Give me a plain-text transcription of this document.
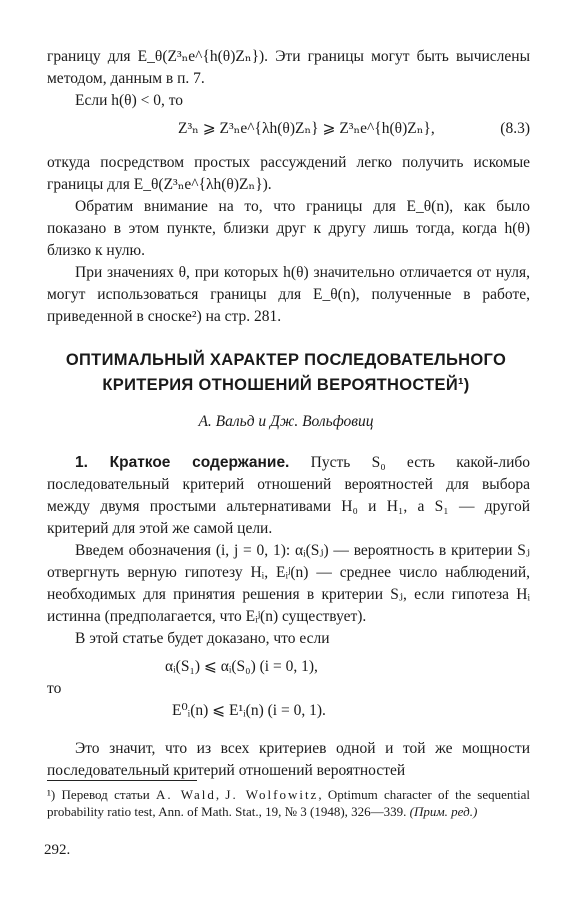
границу для E_θ(Z³ₙe^{h(θ)Zₙ}). Эти границы могут быть вычислены методом, данным в п. 7.
Если h(θ) < 0, то
Z³ₙ ⩾ Z³ₙe^{λh(θ)Zₙ} ⩾ Z³ₙe^{h(θ)Zₙ},	(8.3)
откуда посредством простых рассуждений легко получить искомые границы для E_θ(Z³ₙe^{λh(θ)Zₙ}).
Обратим внимание на то, что границы для E_θ(n), как было показано в этом пункте, близки друг к другу лишь тогда, когда h(θ) близко к нулю.
При значениях θ, при которых h(θ) значительно отличается от нуля, могут использоваться границы для E_θ(n), полученные в работе, приведенной в сноске²) на стр. 281.
ОПТИМАЛЬНЫЙ ХАРАКТЕР ПОСЛЕДОВАТЕЛЬНОГО
КРИТЕРИЯ ОТНОШЕНИЙ ВЕРОЯТНОСТЕЙ¹)
А. Вальд и Дж. Вольфовиц
1. Краткое содержание. Пусть S₀ есть какой-либо последовательный критерий отношений вероятностей для выбора между двумя простыми альтернативами H₀ и H₁, а S₁ — другой критерий для этой же самой цели.
Введем обозначения (i, j = 0, 1): αᵢ(Sⱼ) — вероятность в критерии Sⱼ отвергнуть верную гипотезу Hᵢ, Eᵢʲ(n) — среднее число наблюдений, необходимых для принятия решения в критерии Sⱼ, если гипотеза Hᵢ истинна (предполагается, что Eᵢʲ(n) существует).
В этой статье будет доказано, что если
αᵢ(S₁) ⩽ αᵢ(S₀) (i = 0, 1),
то
E⁰ᵢ(n) ⩽ E¹ᵢ(n) (i = 0, 1).
Это значит, что из всех критериев одной и той же мощности последовательный критерий отношений вероятностей
¹) Перевод статьи A. Wald, J. Wolfowitz, Optimum character of the sequential probability ratio test, Ann. of Math. Stat., 19, № 3 (1948), 326—339. (Прим. ред.)
292.
